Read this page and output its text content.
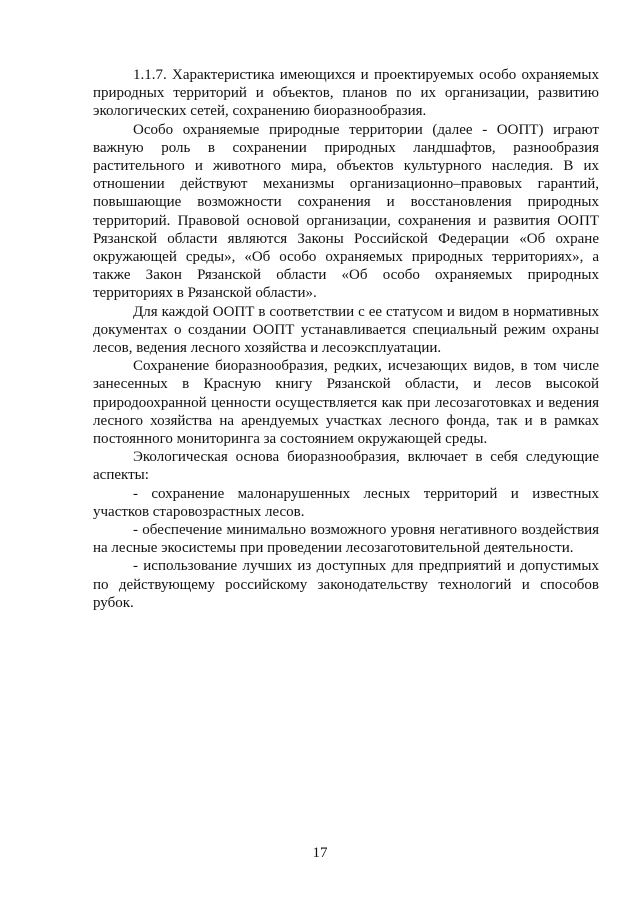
1.1.7. Характеристика имеющихся и проектируемых особо охраняемых природных территорий и объектов, планов по их организации, развитию экологических сетей, сохранению биоразнообразия.

Особо охраняемые природные территории (далее - ООПТ) играют важную роль в сохранении природных ландшафтов, разнообразия растительного и животного мира, объектов культурного наследия. В их отношении действуют механизмы организационно–правовых гарантий, повышающие возможности сохранения и восстановления природных территорий. Правовой основой организации, сохранения и развития ООПТ Рязанской области являются Законы Российской Федерации «Об охране окружающей среды», «Об особо охраняемых природных территориях», а также Закон Рязанской области «Об особо охраняемых природных территориях в Рязанской области».

Для каждой ООПТ в соответствии с ее статусом и видом в нормативных документах о создании ООПТ устанавливается специальный режим охраны лесов, ведения лесного хозяйства и лесоэксплуатации.

Сохранение биоразнообразия, редких, исчезающих видов, в том числе занесенных в Красную книгу Рязанской области, и лесов высокой природоохранной ценности осуществляется как при лесозаготовках и ведения лесного хозяйства на арендуемых участках лесного фонда, так и в рамках постоянного мониторинга за состоянием окружающей среды.

Экологическая основа биоразнообразия, включает в себя следующие аспекты:

- сохранение малонарушенных лесных территорий и известных участков старовозрастных лесов.

- обеспечение минимально возможного уровня негативного воздействия на лесные экосистемы при проведении лесозаготовительной деятельности.

- использование лучших из доступных для предприятий и допустимых по действующему российскому законодательству технологий и способов рубок.

17
